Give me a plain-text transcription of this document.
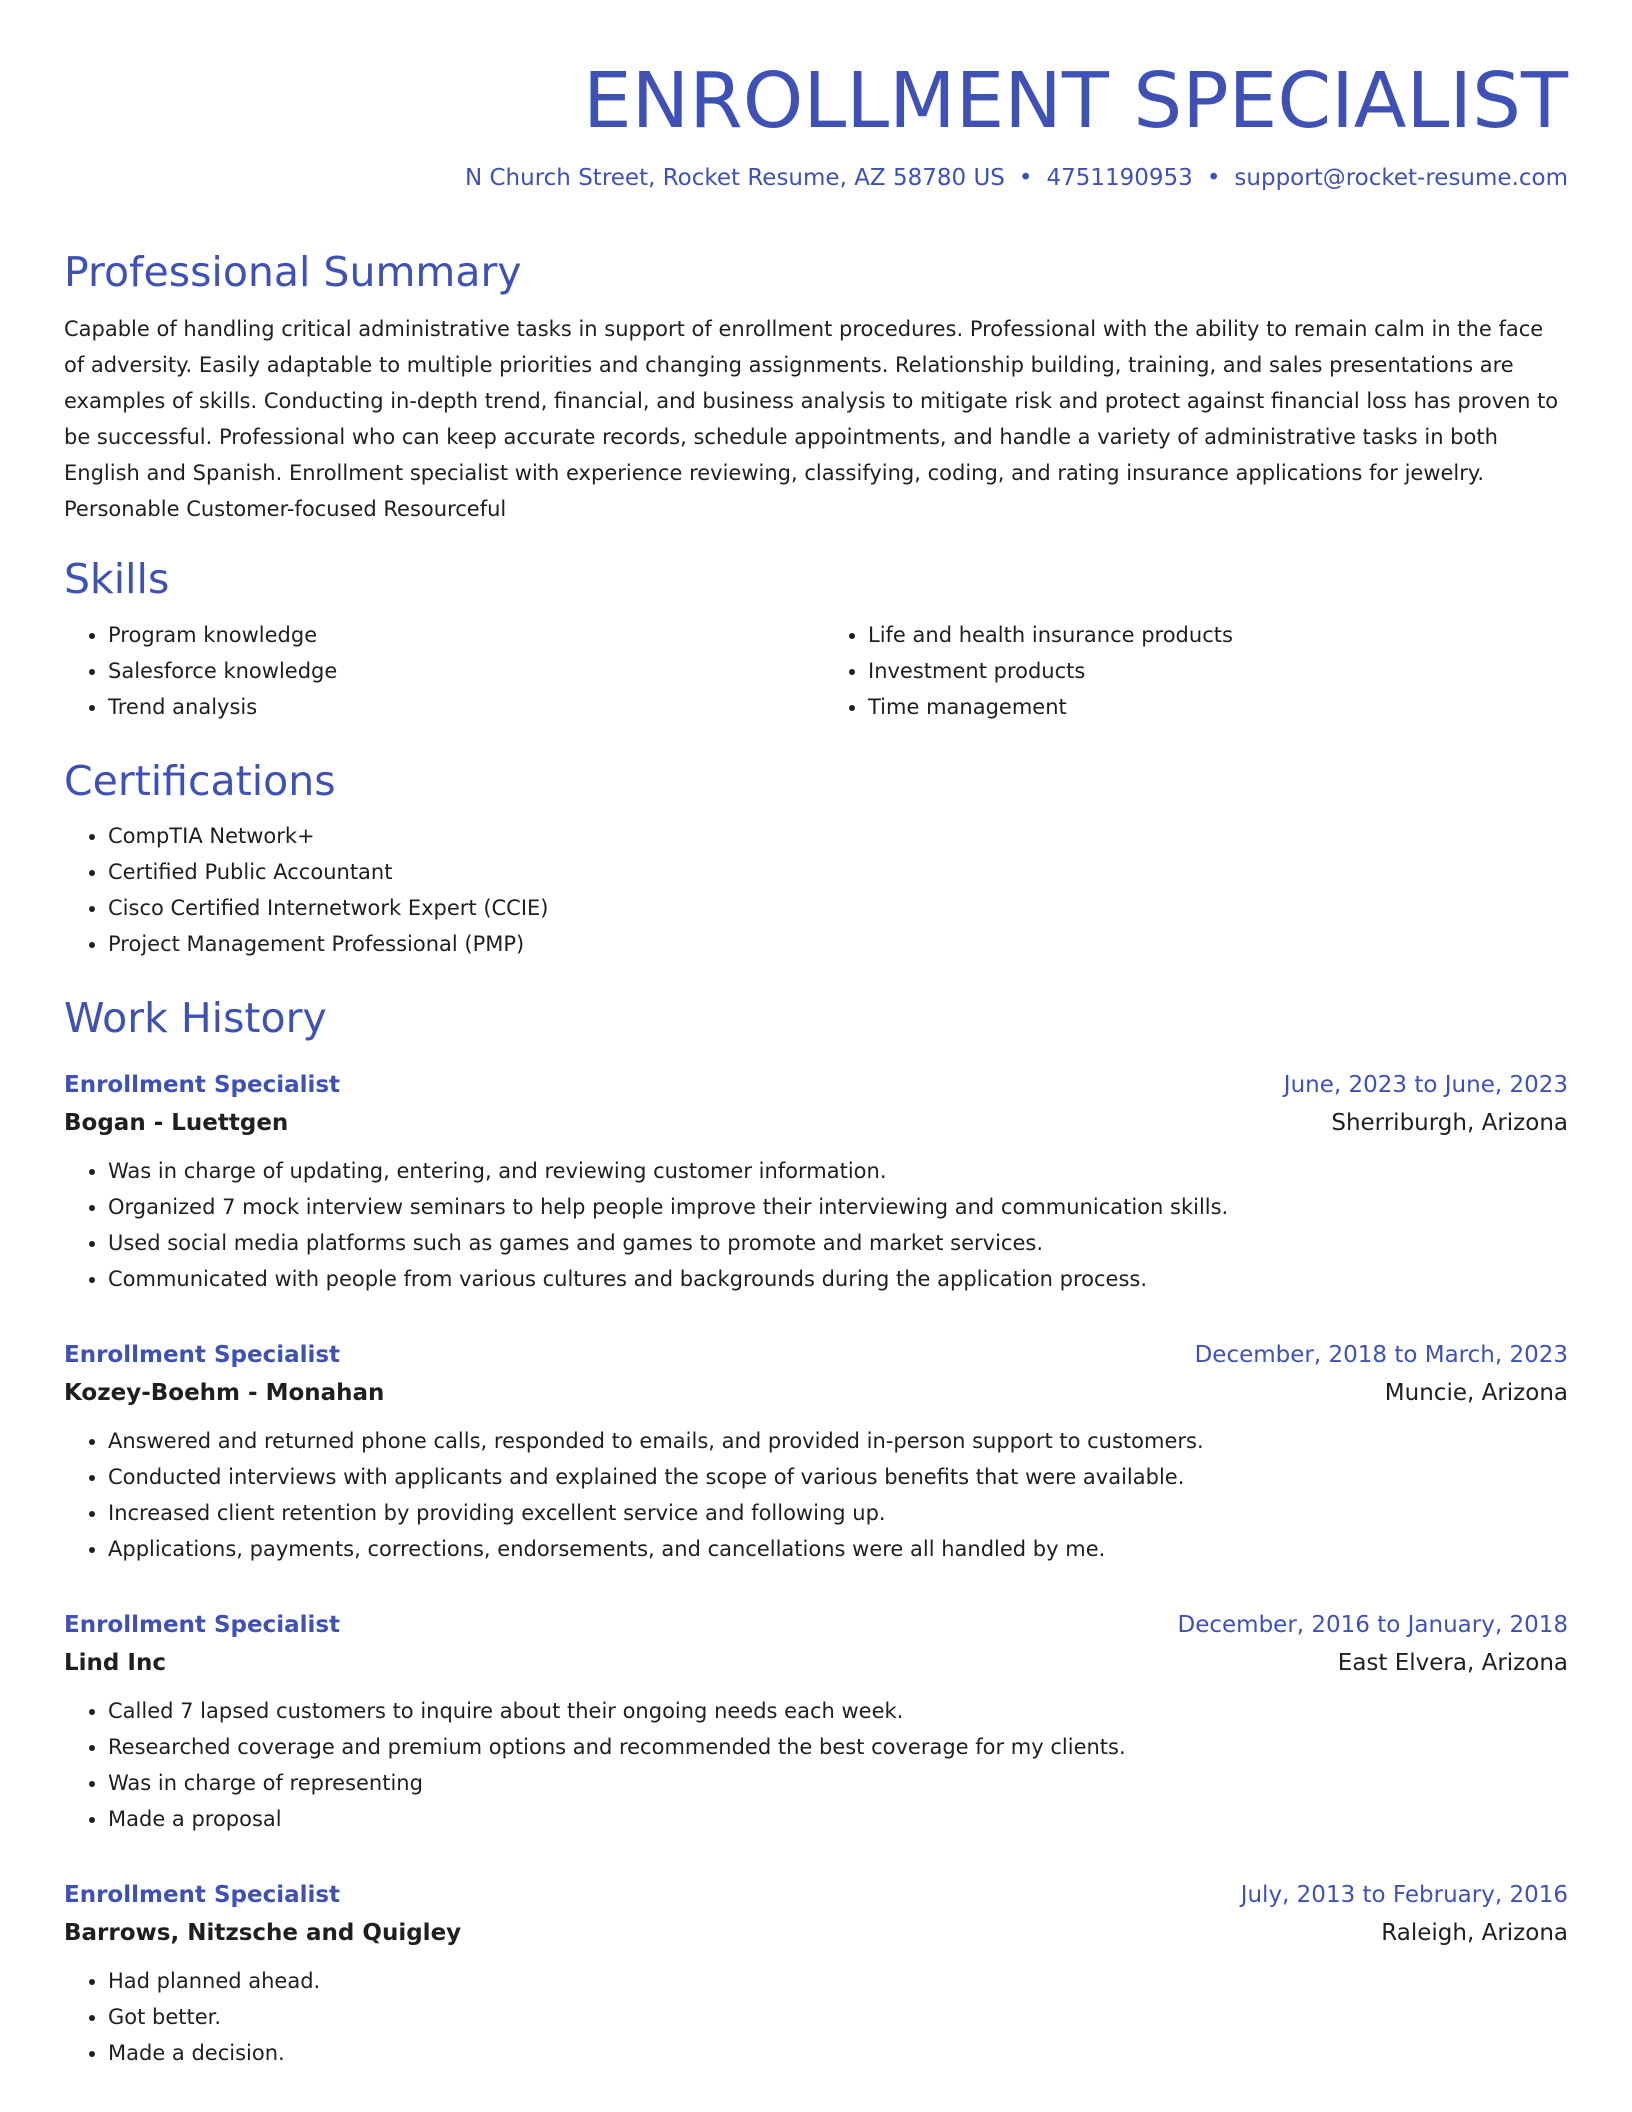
ENROLLMENT SPECIALIST
N Church Street, Rocket Resume, AZ 58780 US • 4751190953 • support@rocket-resume.com
Professional Summary
Capable of handling critical administrative tasks in support of enrollment procedures. Professional with the ability to remain calm in the face of adversity. Easily adaptable to multiple priorities and changing assignments. Relationship building, training, and sales presentations are examples of skills. Conducting in-depth trend, financial, and business analysis to mitigate risk and protect against financial loss has proven to be successful. Professional who can keep accurate records, schedule appointments, and handle a variety of administrative tasks in both English and Spanish. Enrollment specialist with experience reviewing, classifying, coding, and rating insurance applications for jewelry. Personable Customer-focused Resourceful
Skills
• Program knowledge
• Salesforce knowledge
• Trend analysis
• Life and health insurance products
• Investment products
• Time management
Certifications
• CompTIA Network+
• Certified Public Accountant
• Cisco Certified Internetwork Expert (CCIE)
• Project Management Professional (PMP)
Work History
Enrollment Specialist	June, 2023 to June, 2023
Bogan - Luettgen	Sherriburgh, Arizona
• Was in charge of updating, entering, and reviewing customer information.
• Organized 7 mock interview seminars to help people improve their interviewing and communication skills.
• Used social media platforms such as games and games to promote and market services.
• Communicated with people from various cultures and backgrounds during the application process.
Enrollment Specialist	December, 2018 to March, 2023
Kozey-Boehm - Monahan	Muncie, Arizona
• Answered and returned phone calls, responded to emails, and provided in-person support to customers.
• Conducted interviews with applicants and explained the scope of various benefits that were available.
• Increased client retention by providing excellent service and following up.
• Applications, payments, corrections, endorsements, and cancellations were all handled by me.
Enrollment Specialist	December, 2016 to January, 2018
Lind Inc	East Elvera, Arizona
• Called 7 lapsed customers to inquire about their ongoing needs each week.
• Researched coverage and premium options and recommended the best coverage for my clients.
• Was in charge of representing
• Made a proposal
Enrollment Specialist	July, 2013 to February, 2016
Barrows, Nitzsche and Quigley	Raleigh, Arizona
• Had planned ahead.
• Got better.
• Made a decision.
